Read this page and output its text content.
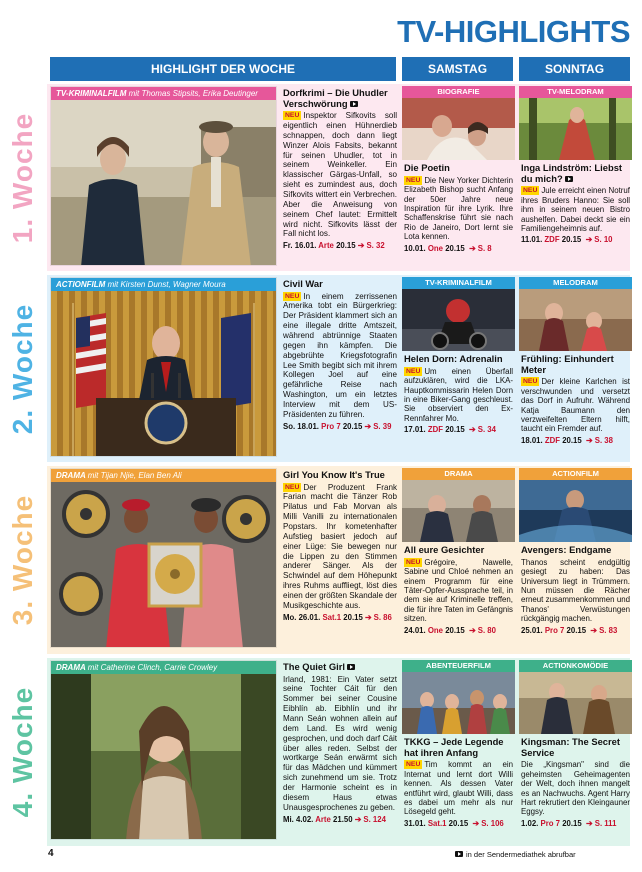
TV-HIGHLIGHTS
HIGHLIGHT DER WOCHE	SAMSTAG	SONNTAG
1. Woche
TV-KRIMINALFILM mit Thomas Stipsits, Erika Deutinger	Dorfkrimi – Die Uhudler Verschwörung
NEU Inspektor Sifkovits soll eigentlich einen Hühnerdieb schnappen, doch dann liegt Winzer Alois Fabsits, bekannt für seinen Uhudler, tot in seinem Weinkeller. Ein klassischer Gärgas-Unfall, so sieht es zumindest aus, doch Sifkovits wittert ein Verbrechen. Aber die Anweisung von seinem Chef lautet: Ermittelt wird nicht. Sifkovits lässt der Fall nicht los.
Fr. 16.01. Arte 20.15 ➔ S. 32
BIOGRAFIE
Die Poetin
NEU Die New Yorker Dichterin Elizabeth Bishop sucht Anfang der 50er Jahre neue Inspiration für ihre Lyrik. Ihre Schaffenskrise führt sie nach Rio de Janeiro, Dort lernt sie Lota kennen.
10.01. One 20.15 ➔ S. 8
TV-MELODRAM
Inga Lindström: Liebst du mich?
NEU Jule erreicht einen Notruf ihres Bruders Hanno: Sie soll ihm in seinem neuen Bistro aushelfen. Dabei deckt sie ein Familiengeheimnis auf.
11.01. ZDF 20.15 ➔ S. 10
2. Woche
ACTIONFILM mit Kirsten Dunst, Wagner Moura	Civil War
NEU In einem zerrissenen Amerika tobt ein Bürgerkrieg: Der Präsident klammert sich an eine illegale dritte Amtszeit, während abtrünnige Staaten gegen ihn kämpfen. Die abgebrühte Kriegsfotografin Lee Smith begibt sich mit ihrem Kollegen Joel auf eine gefährliche Reise nach Washington, um ein letztes Interview mit dem US-Präsidenten zu führen.
So. 18.01. Pro 7 20.15 ➔ S. 39
TV-KRIMINALFILM
Helen Dorn: Adrenalin
NEU Um einen Überfall aufzuklären, wird die LKA-Hauptkommissarin Helen Dorn in eine Biker-Gang geschleust. Sie observiert den Ex-Rennfahrer Mo.
17.01. ZDF 20.15 ➔ S. 34
MELODRAM
Frühling: Einhundert Meter
NEU Der kleine Karlchen ist verschwunden und versetzt das Dorf in Aufruhr. Während Katja Baumann den verzweifelten Eltern hilft, taucht ein Fremder auf.
18.01. ZDF 20.15 ➔ S. 38
3. Woche
DRAMA mit Tijan Njie, Elan Ben Ali	Girl You Know It's True
NEU Der Produzent Frank Farian macht die Tänzer Rob Pilatus und Fab Morvan als Milli Vanilli zu internationalen Popstars. Ihr kometenhafter Aufstieg basiert jedoch auf einer Lüge: Sie bewegen nur die Lippen zu den Stimmen anderer Sänger. Als der Schwindel auf dem Höhepunkt ihres Ruhms auffliegt, löst dies einen der größten Skandale der Musikgeschichte aus.
Mo. 26.01. Sat.1 20.15 ➔ S. 86
DRAMA
All eure Gesichter
NEU Grégoire, Nawelle, Sabine und Chloé nehmen an einem Programm für eine Täter-Opfer-Aussprache teil, in dem sie auf Kriminelle treffen, die für ihre Taten im Gefängnis sitzen.
24.01. One 20.15 ➔ S. 80
ACTIONFILM
Avengers: Endgame
Thanos scheint endgültig gesiegt zu haben: Das Universum liegt in Trümmern. Nun müssen die Rächer erneut zusammenkommen und Thanos' Verwüstungen rückgängig machen.
25.01. Pro 7 20.15 ➔ S. 83
4. Woche
DRAMA mit Catherine Clinch, Carrie Crowley	The Quiet Girl
Irland, 1981: Ein Vater setzt seine Tochter Cáit für den Sommer bei seiner Cousine Eibhlín ab. Eibhlín und ihr Mann Seán wohnen allein auf dem Land. Es wird wenig gesprochen, und doch darf Cáit über alles reden. Selbst der wortkarge Seán erwärmt sich für das Mädchen und kümmert sich zunehmend um sie. Trotz der Harmonie scheint es in diesem Haus etwas Unausgesprochenes zu geben.
Mi. 4.02. Arte 21.50 ➔ S. 124
ABENTEUERFILM
TKKG – Jede Legende hat ihren Anfang
NEU Tim kommt an ein Internat und lernt dort Willi kennen. Als dessen Vater entführt wird, glaubt Willi, dass es dabei um mehr als nur Lösegeld geht.
31.01. Sat.1 20.15 ➔ S. 106
ACTIONKOMÖDIE
Kingsman: The Secret Service
Die „Kingsman" sind die geheimsten Geheimagenten der Welt, doch ihnen mangelt es an Nachwuchs. Agent Harry Hart rekrutiert den Kleingauner Eggsy.
1.02. Pro 7 20.15 ➔ S. 111
4	in der Sendermediathek abrufbar
